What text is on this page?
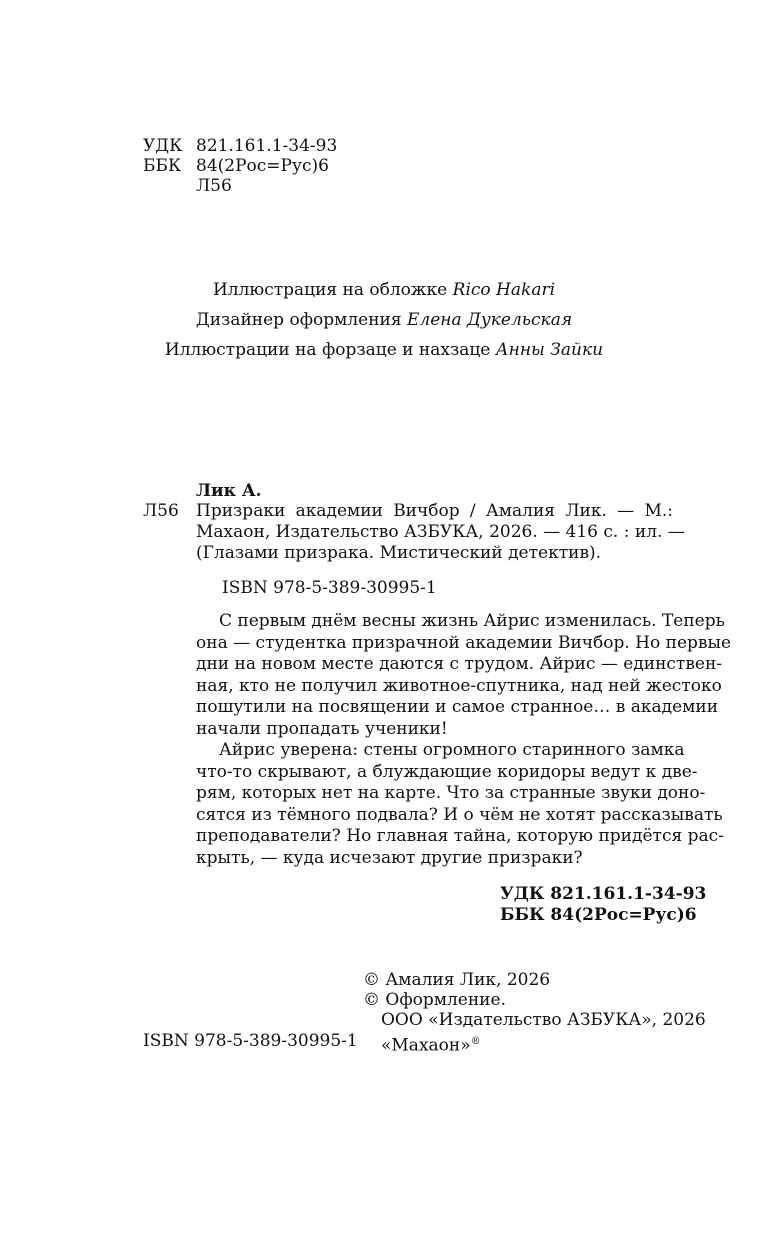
УДК 821.161.1-34-93
ББК 84(2Рос=Рус)6
Л56
Иллюстрация на обложке Rico Hakari
Дизайнер оформления Елена Дукельская
Иллюстрации на форзаце и нахзаце Анны Зайки
Лик А.
Л56 Призраки академии Вичбор / Амалия Лик. — М.:
Махаон, Издательство АЗБУКА, 2026. — 416 с. : ил. —
(Глазами призрака. Мистический детектив).
ISBN 978-5-389-30995-1
С первым днём весны жизнь Айрис изменилась. Теперь
она — студентка призрачной академии Вичбор. Но первые
дни на новом месте даются с трудом. Айрис — единствен-
ная, кто не получил животное-спутника, над ней жестоко
пошутили на посвящении и самое странное… в академии
начали пропадать ученики!
Айрис уверена: стены огромного старинного замка
что-то скрывают, а блуждающие коридоры ведут к две-
рям, которых нет на карте. Что за странные звуки доно-
сятся из тёмного подвала? И о чём не хотят рассказывать
преподаватели? Но главная тайна, которую придётся рас-
крыть, — куда исчезают другие призраки?
УДК 821.161.1-34-93
ББК 84(2Рос=Рус)6
ISBN 978-5-389-30995-1
© Амалия Лик, 2026
© Оформление.
ООО «Издательство АЗБУКА», 2026
«Махаон»®
